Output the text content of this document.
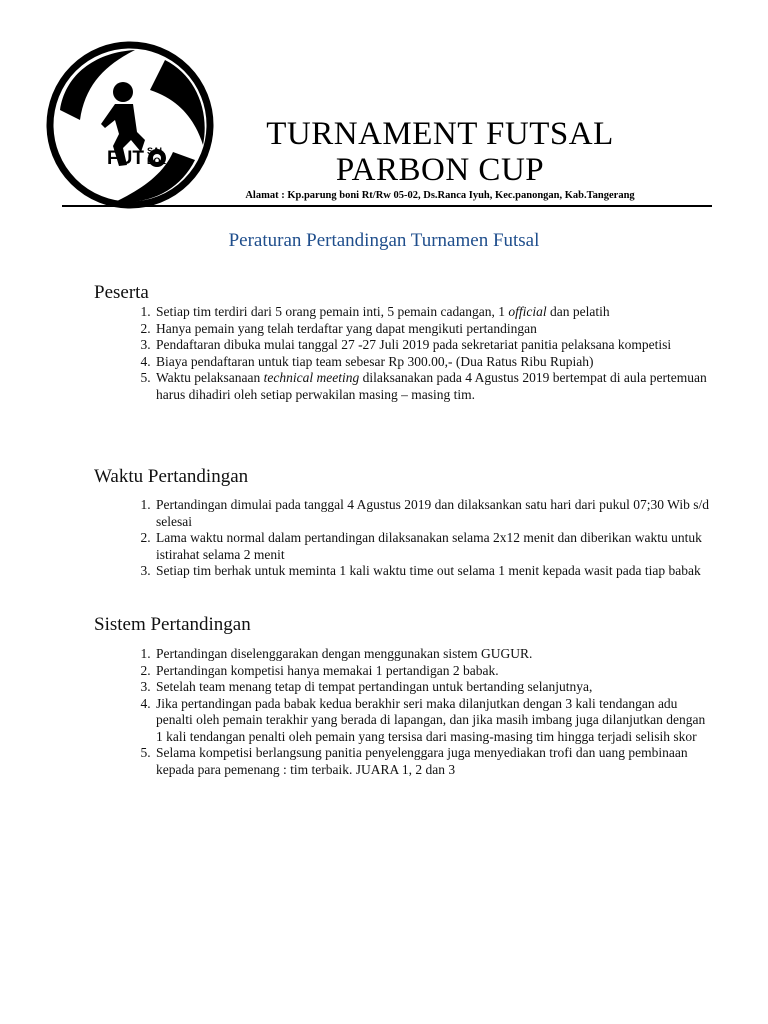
FUT SAL
BOL
TURNAMENT FUTSAL
PARBON CUP
Alamat : Kp.parung boni Rt/Rw 05-02, Ds.Ranca Iyuh, Kec.panongan, Kab.Tangerang
Peraturan Pertandingan Turnamen Futsal
Peserta
1. Setiap tim terdiri dari 5 orang pemain inti, 5 pemain cadangan, 1 official dan pelatih
2. Hanya pemain yang telah terdaftar yang dapat mengikuti pertandingan
3. Pendaftaran dibuka mulai tanggal 27 -27 Juli 2019 pada sekretariat panitia pelaksana kompetisi
4. Biaya pendaftaran untuk tiap team sebesar Rp 300.00,- (Dua Ratus Ribu Rupiah)
5. Waktu pelaksanaan technical meeting dilaksanakan pada 4 Agustus 2019 bertempat di aula pertemuan harus dihadiri oleh setiap perwakilan masing – masing tim.
Waktu Pertandingan
1. Pertandingan dimulai pada tanggal 4 Agustus 2019 dan dilaksankan satu hari dari pukul 07;30 Wib s/d selesai
2. Lama waktu normal dalam pertandingan dilaksanakan selama 2x12 menit dan diberikan waktu untuk istirahat selama 2 menit
3. Setiap tim berhak untuk meminta 1 kali waktu time out selama 1 menit kepada wasit pada tiap babak
Sistem Pertandingan
1. Pertandingan diselenggarakan dengan menggunakan sistem GUGUR.
2. Pertandingan kompetisi hanya memakai 1 pertandigan 2 babak.
3. Setelah team menang tetap di tempat pertandingan untuk bertanding selanjutnya,
4. Jika pertandingan pada babak kedua berakhir seri maka dilanjutkan dengan 3 kali tendangan adu penalti oleh pemain terakhir yang berada di lapangan, dan jika masih imbang juga dilanjutkan dengan 1 kali tendangan penalti oleh pemain yang tersisa dari masing-masing tim hingga terjadi selisih skor
5. Selama kompetisi berlangsung panitia penyelenggara juga menyediakan trofi dan uang pembinaan kepada para pemenang : tim terbaik. JUARA 1, 2 dan 3
